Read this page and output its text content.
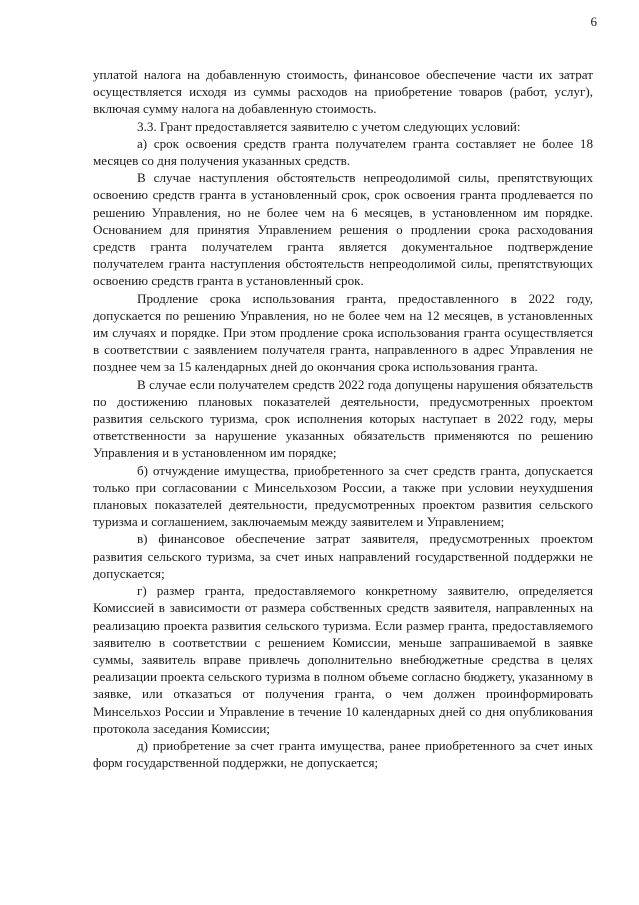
6

уплатой налога на добавленную стоимость, финансовое обеспечение части их затрат осуществляется исходя из суммы расходов на приобретение товаров (работ, услуг), включая сумму налога на добавленную стоимость.

3.3. Грант предоставляется заявителю с учетом следующих условий:

а) срок освоения средств гранта получателем гранта составляет не более 18 месяцев со дня получения указанных средств.

В случае наступления обстоятельств непреодолимой силы, препятствующих освоению средств гранта в установленный срок, срок освоения гранта продлевается по решению Управления, но не более чем на 6 месяцев, в установленном им порядке. Основанием для принятия Управлением решения о продлении срока расходования средств гранта получателем гранта является документальное подтверждение получателем гранта наступления обстоятельств непреодолимой силы, препятствующих освоению средств гранта в установленный срок.

Продление срока использования гранта, предоставленного в 2022 году, допускается по решению Управления, но не более чем на 12 месяцев, в установленных им случаях и порядке. При этом продление срока использования гранта осуществляется в соответствии с заявлением получателя гранта, направленного в адрес Управления не позднее чем за 15 календарных дней до окончания срока использования гранта.

В случае если получателем средств 2022 года допущены нарушения обязательств по достижению плановых показателей деятельности, предусмотренных проектом развития сельского туризма, срок исполнения которых наступает в 2022 году, меры ответственности за нарушение указанных обязательств применяются по решению Управления и в установленном им порядке;

б) отчуждение имущества, приобретенного за счет средств гранта, допускается только при согласовании с Минсельхозом России, а также при условии неухудшения плановых показателей деятельности, предусмотренных проектом развития сельского туризма и соглашением, заключаемым между заявителем и Управлением;

в) финансовое обеспечение затрат заявителя, предусмотренных проектом развития сельского туризма, за счет иных направлений государственной поддержки не допускается;

г) размер гранта, предоставляемого конкретному заявителю, определяется Комиссией в зависимости от размера собственных средств заявителя, направленных на реализацию проекта развития сельского туризма. Если размер гранта, предоставляемого заявителю в соответствии с решением Комиссии, меньше запрашиваемой в заявке суммы, заявитель вправе привлечь дополнительно внебюджетные средства в целях реализации проекта сельского туризма в полном объеме согласно бюджету, указанному в заявке, или отказаться от получения гранта, о чем должен проинформировать Минсельхоз России и Управление в течение 10 календарных дней со дня опубликования протокола заседания Комиссии;

д) приобретение за счет гранта имущества, ранее приобретенного за счет иных форм государственной поддержки, не допускается;
